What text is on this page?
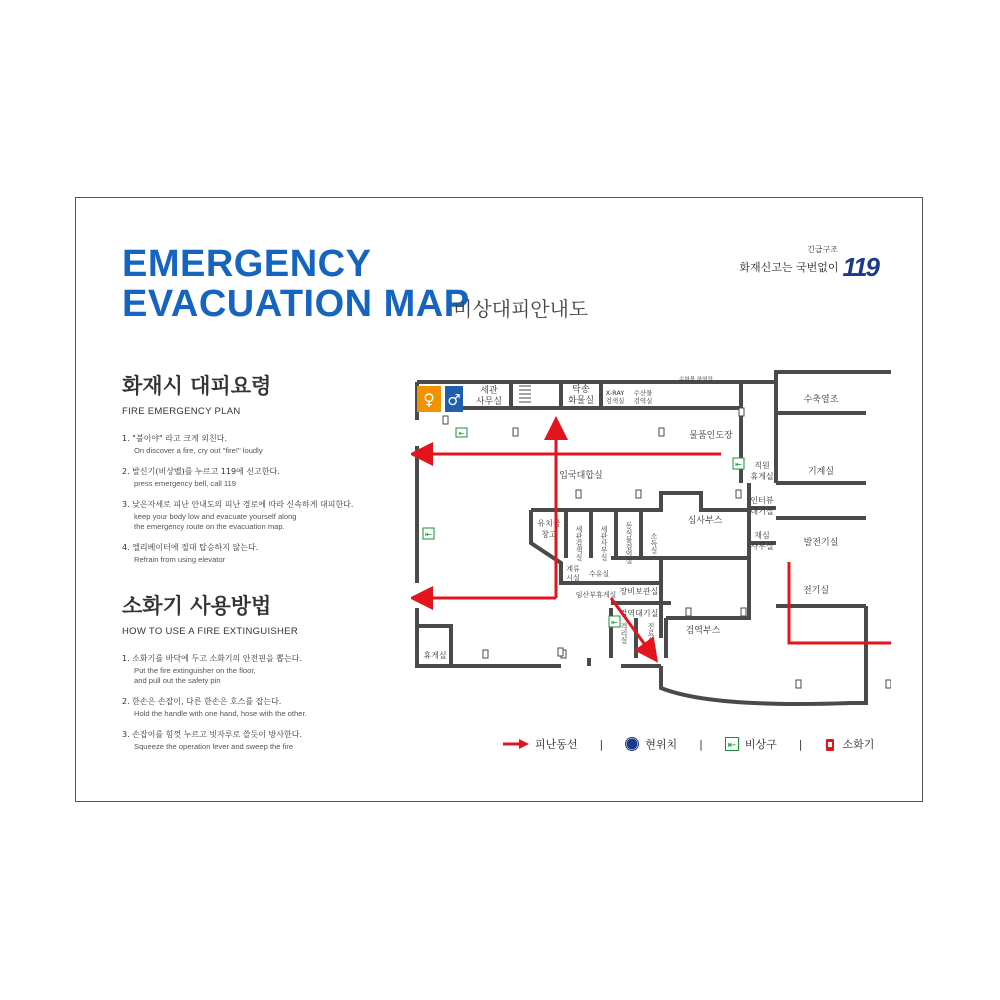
EMERGENCY
EVACUATION MAP
비상대피안내도
긴급구조
화재신고는 국번없이 119
화재시 대피요령
FIRE EMERGENCY PLAN
1. "불이야" 라고 크게 외친다.
On discover a fire, cry out "fire!" loudly
2. 발신기(비상벨)를 누르고 119에 신고한다.
press emergency bell, call 119
3. 낮은자세로 피난 안내도의 피난 경로에 따라 신속하게 대피한다.
keep your body low and evacuate yourself along
the emergency route on the evacuation map.
4. 엘리베이터에 절대 탑승하지 않는다.
Refrain from using elevator
소화기 사용방법
HOW TO USE A FIRE EXTINGUISHER
1. 소화기를 바닥에 두고 소화기의 안전핀을 뽑는다.
Put the fire extinguisher on the floor,
and pull out the safety pin
2. 한손은 손잡이, 다른 한손은 호스를 잡는다.
Hold the handle with one hand, hose with the other.
3. 손잡이를 힘껏 누르고 빗자루로 쓸듯이 방사한다.
Squeeze the operation lever and sweep the fire
♀ ♂ 세관
사무실
탁송
화물실
X-RAY
검색실
수산물
검역실
수화물 하역장
수축열조
물품인도장
입국대합실
직원
휴게실	기계실
인터뷰
대기실
심사부스
재심
사무실	발전기실
전기실
유치물
창고	세관검색실 세관사무실 동식물검역실 소독실
계류
시설 수유실
임산부휴게실 장비보관실
검역대기실
검역부스
격리실	진료실
휴게실
⇤
⇤
⇤
⇤
피난동선 |	현위치 | ⇤ 비상구 |	소화기
